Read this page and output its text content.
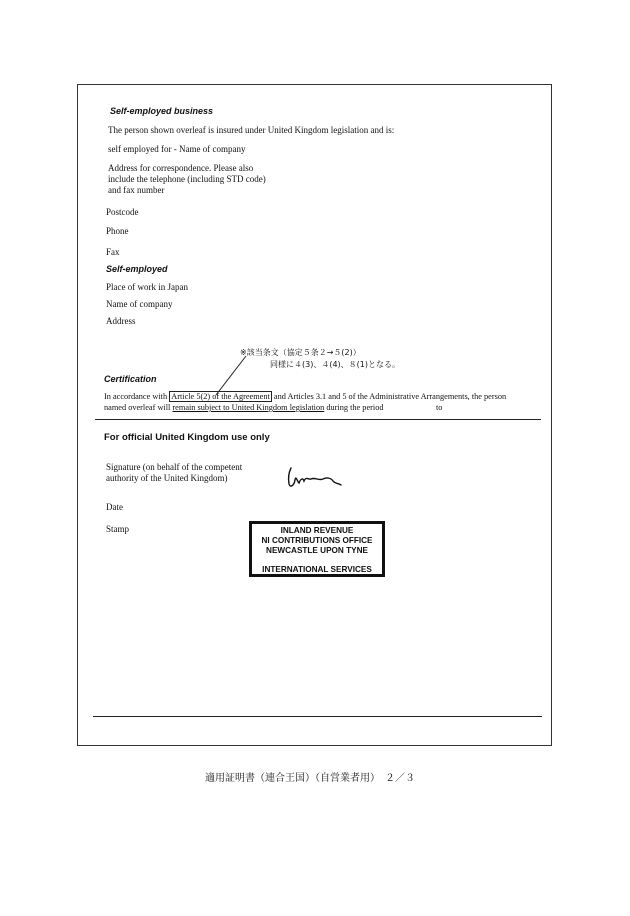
Self-employed business
The person shown overleaf is insured under United Kingdom legislation and is:
self employed for - Name of company
Address for correspondence. Please also
include the telephone (including STD code)
and fax number
Postcode
Phone
Fax
Self-employed
Place of work in Japan
Name of company
Address
※該当条文（協定５条２→５(2)）
同様に４(3)、４(4)、８(1)となる。
Certification
In accordance with Article 5(2) of the Agreement and Articles 3.1 and 5 of the Administrative Arrangements, the person
named overleaf will remain subject to United Kingdom legislation during the period	to
For official United Kingdom use only
Signature (on behalf of the competent
authority of the United Kingdom)
Date
Stamp	INLAND REVENUE
NI CONTRIBUTIONS OFFICE
NEWCASTLE UPON TYNE
INTERNATIONAL SERVICES
適用証明書（連合王国）（自営業者用）　２／３
